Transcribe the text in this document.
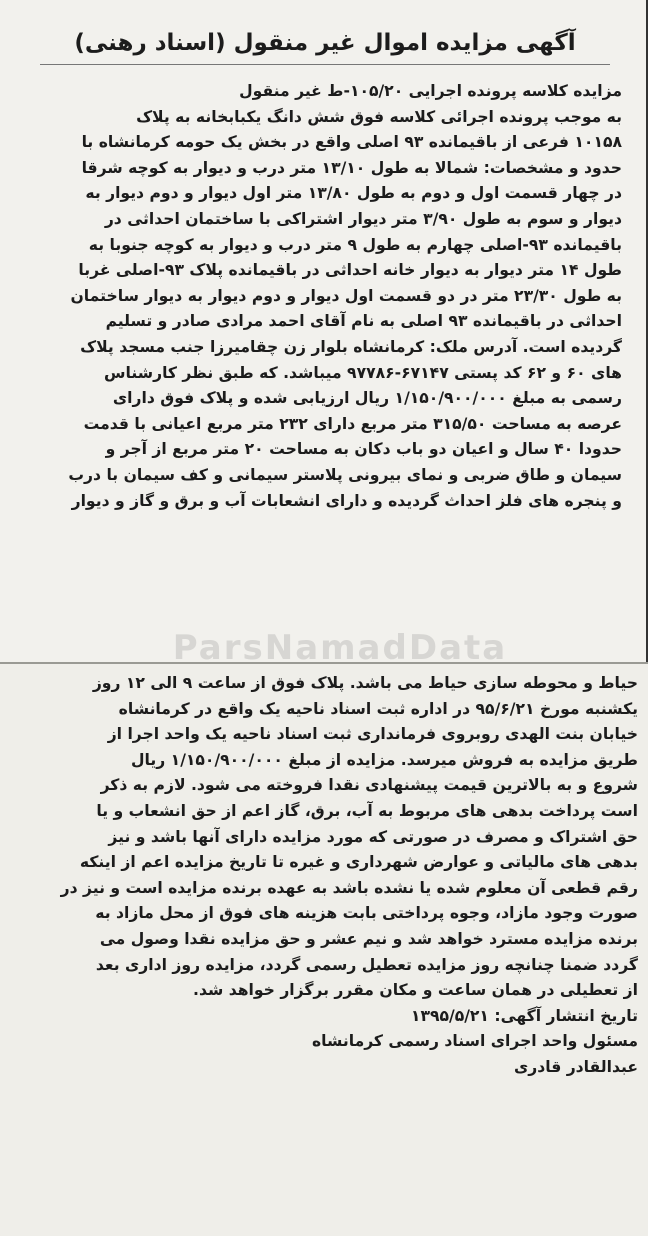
آگهی مزایده اموال غیر منقول (اسناد رهنی)
مزایده کلاسه پرونده اجرایی ۱۰۵/۲۰-ط غیر منقول
به موجب پرونده اجرائی کلاسه فوق شش دانگ یکبابخانه به پلاک
۱۰۱۵۸ فرعی از باقیمانده ۹۳ اصلی واقع در بخش یک حومه کرمانشاه با
حدود و مشخصات: شمالا به طول ۱۳/۱۰ متر درب و دیوار به کوچه شرقا
در چهار قسمت اول و دوم به طول ۱۳/۸۰ متر اول دیوار و دوم دیوار به
دیوار و سوم به طول ۳/۹۰ متر دیوار اشتراکی با ساختمان احداثی در
باقیمانده ۹۳-اصلی چهارم به طول ۹ متر درب و دیوار به کوچه جنوبا به
طول ۱۴ متر دیوار به دیوار خانه احداثی در باقیمانده پلاک ۹۳-اصلی غربا
به طول ۲۳/۳۰ متر در دو قسمت اول دیوار و دوم دیوار به دیوار ساختمان
احداثی در باقیمانده ۹۳ اصلی به نام آقای احمد مرادی صادر و تسلیم
گردیده است. آدرس ملک: کرمانشاه بلوار زن چقامیرزا جنب مسجد پلاک
های ۶۰ و ۶۲ کد پستی ۶۷۱۴۷-۹۷۷۸۶ میباشد. که طبق نظر کارشناس
رسمی به مبلغ ۱/۱۵۰/۹۰۰/۰۰۰ ریال ارزیابی شده و پلاک فوق دارای
عرصه به مساحت ۳۱۵/۵۰ متر مربع دارای ۲۳۲ متر مربع اعیانی با قدمت
حدودا ۴۰ سال و اعیان دو باب دکان به مساحت ۲۰ متر مربع از آجر و
سیمان و طاق ضربی و نمای بیرونی پلاستر سیمانی و کف سیمان با درب
و پنجره های فلز احداث گردیده و دارای انشعابات آب و برق و گاز و دیوار
ParsNamadData
حیاط و محوطه سازی حیاط می باشد. پلاک فوق از ساعت ۹ الی ۱۲ روز
یکشنبه مورخ ۹۵/۶/۲۱ در اداره ثبت اسناد ناحیه یک واقع در کرمانشاه
خیابان بنت الهدی روبروی فرمانداری ثبت اسناد ناحیه یک واحد اجرا از
طریق مزایده به فروش میرسد. مزایده از مبلغ ۱/۱۵۰/۹۰۰/۰۰۰ ریال
شروع و به بالاترین قیمت پیشنهادی نقدا فروخته می شود. لازم به ذکر
است پرداخت بدهی های مربوط به آب، برق، گاز اعم از حق انشعاب و یا
حق اشتراک و مصرف در صورتی که مورد مزایده دارای آنها باشد و نیز
بدهی های مالیاتی و عوارض شهرداری و غیره تا تاریخ مزایده اعم از اینکه
رقم قطعی آن معلوم شده یا نشده باشد به عهده برنده مزایده است و نیز در
صورت وجود مازاد، وجوه پرداختی بابت هزینه های فوق از محل مازاد به
برنده مزایده مسترد خواهد شد و نیم عشر و حق مزایده نقدا وصول می
گردد ضمنا چنانچه روز مزایده تعطیل رسمی گردد، مزایده روز اداری بعد
از تعطیلی در همان ساعت و مکان مقرر برگزار خواهد شد.
تاریخ انتشار آگهی: ۱۳۹۵/۵/۲۱
مسئول واحد اجرای اسناد رسمی کرمانشاه
عبدالقادر قادری
